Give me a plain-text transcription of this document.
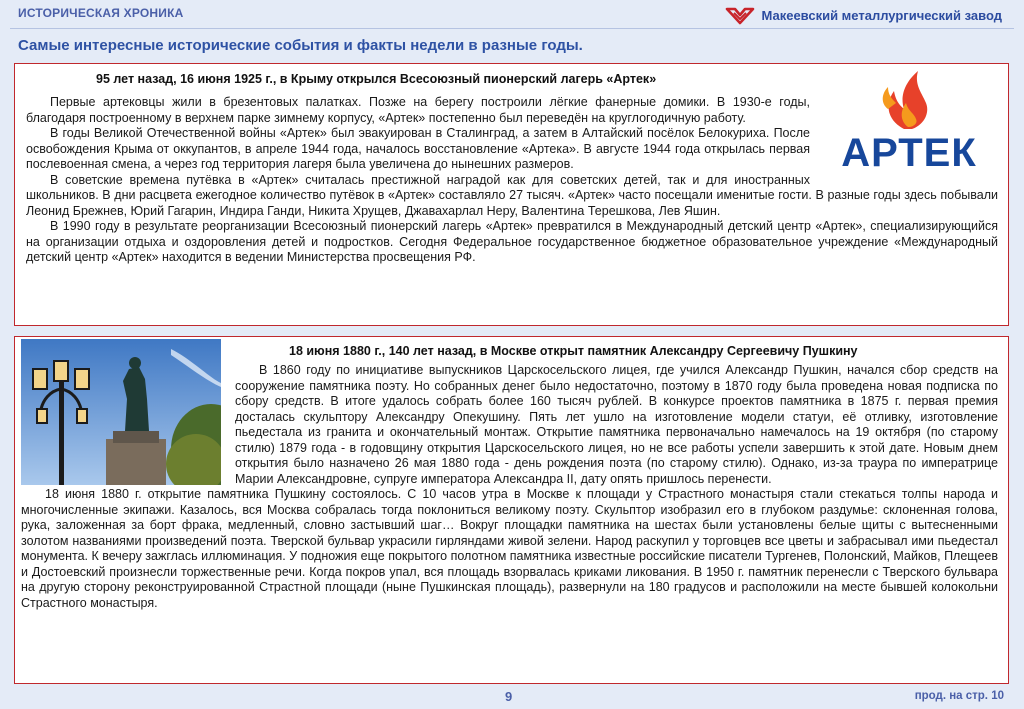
ИСТОРИЧЕСКАЯ ХРОНИКА	Макеевский металлургический завод
Самые интересные исторические события и факты недели в разные годы.
95 лет назад, 16 июня 1925 г., в Крыму открылся Всесоюзный пионерский лагерь «Артек»
АРТЕК

Первые артековцы жили в брезентовых палатках. Позже на берегу построили лёгкие фанерные домики. В 1930-е годы, благодаря построенному в верхнем парке зимнему корпусу, «Артек» постепенно был переведён на круглогодичную работу.

В годы Великой Отечественной войны «Артек» был эвакуирован в Сталинград, а затем в Алтайский посёлок Белокуриха. После освобождения Крыма от оккупантов, в апреле 1944 года, началось восстановление «Артека». В августе 1944 года открылась первая послевоенная смена, а через год территория лагеря была увеличена до нынешних размеров.

В советские времена путёвка в «Артек» считалась престижной наградой как для советских детей, так и для иностранных школьников. В дни расцвета ежегодное количество путёвок в «Артек» составляло 27 тысяч. «Артек» часто посещали именитые гости. В разные годы здесь побывали Леонид Брежнев, Юрий Гагарин, Индира Ганди, Никита Хрущев, Джавахарлал Неру, Валентина Терешкова, Лев Яшин.

В 1990 году в результате реорганизации Всесоюзный пионерский лагерь «Артек» превратился в Международный детский центр «Артек», специализирующийся на организации отдыха и оздоровления детей и подростков. Сегодня Федеральное государственное бюджетное образовательное учреждение «Международный детский центр «Артек» находится в ведении Министерства просвещения РФ.

18 июня 1880 г., 140 лет назад, в Москве открыт памятник Александру Сергеевичу Пушкину

В 1860 году по инициативе выпускников Царскосельского лицея, где учился Александр Пушкин, начался сбор средств на сооружение памятника поэту. Но собранных денег было недостаточно, поэтому в 1870 году была проведена новая подписка по сбору средств. В итоге удалось собрать более 160 тысяч рублей. В конкурсе проектов памятника в 1875 г. первая премия досталась скульптору Александру Опекушину. Пять лет ушло на изготовление модели статуи, её отливку, изготовление пьедестала из гранита и окончательный монтаж. Открытие памятника первоначально намечалось на 19 октября (по старому стилю) 1879 года - в годовщину открытия Царскосельского лицея, но не все работы успели завершить к этой дате. Новым днем открытия было назначено 26 мая 1880 года - день рождения поэта (по старому стилю). Однако, из-за траура по императрице Марии Александровне, супруге императора Александра II, дату опять пришлось перенести.

18 июня 1880 г. открытие памятника Пушкину состоялось. С 10 часов утра в Москве к площади у Страстного монастыря стали стекаться толпы народа и многочисленные экипажи. Казалось, вся Москва собралась тогда поклониться великому поэту. Скульптор изобразил его в глубоком раздумье: склоненная голова, рука, заложенная за борт фрака, медленный, словно застывший шаг… Вокруг площадки памятника на шестах были установлены белые щиты с вытесненными золотом названиями произведений поэта. Тверской бульвар украсили гирляндами живой зелени. Народ раскупил у торговцев все цветы и забрасывал ими пьедестал монумента. К вечеру зажглась иллюминация. У подножия еще покрытого полотном памятника известные российские писатели Тургенев, Полонский, Майков, Плещеев и Достоевский произнесли торжественные речи. Когда покров упал, вся площадь взорвалась криками ликования. В 1950 г. памятник перенесли с Тверского бульвара на другую сторону реконструированной Страстной площади (ныне Пушкинская площадь), развернули на 180 градусов и расположили на месте бывшей колокольни Страстного монастыря.

9	прод. на стр. 10
